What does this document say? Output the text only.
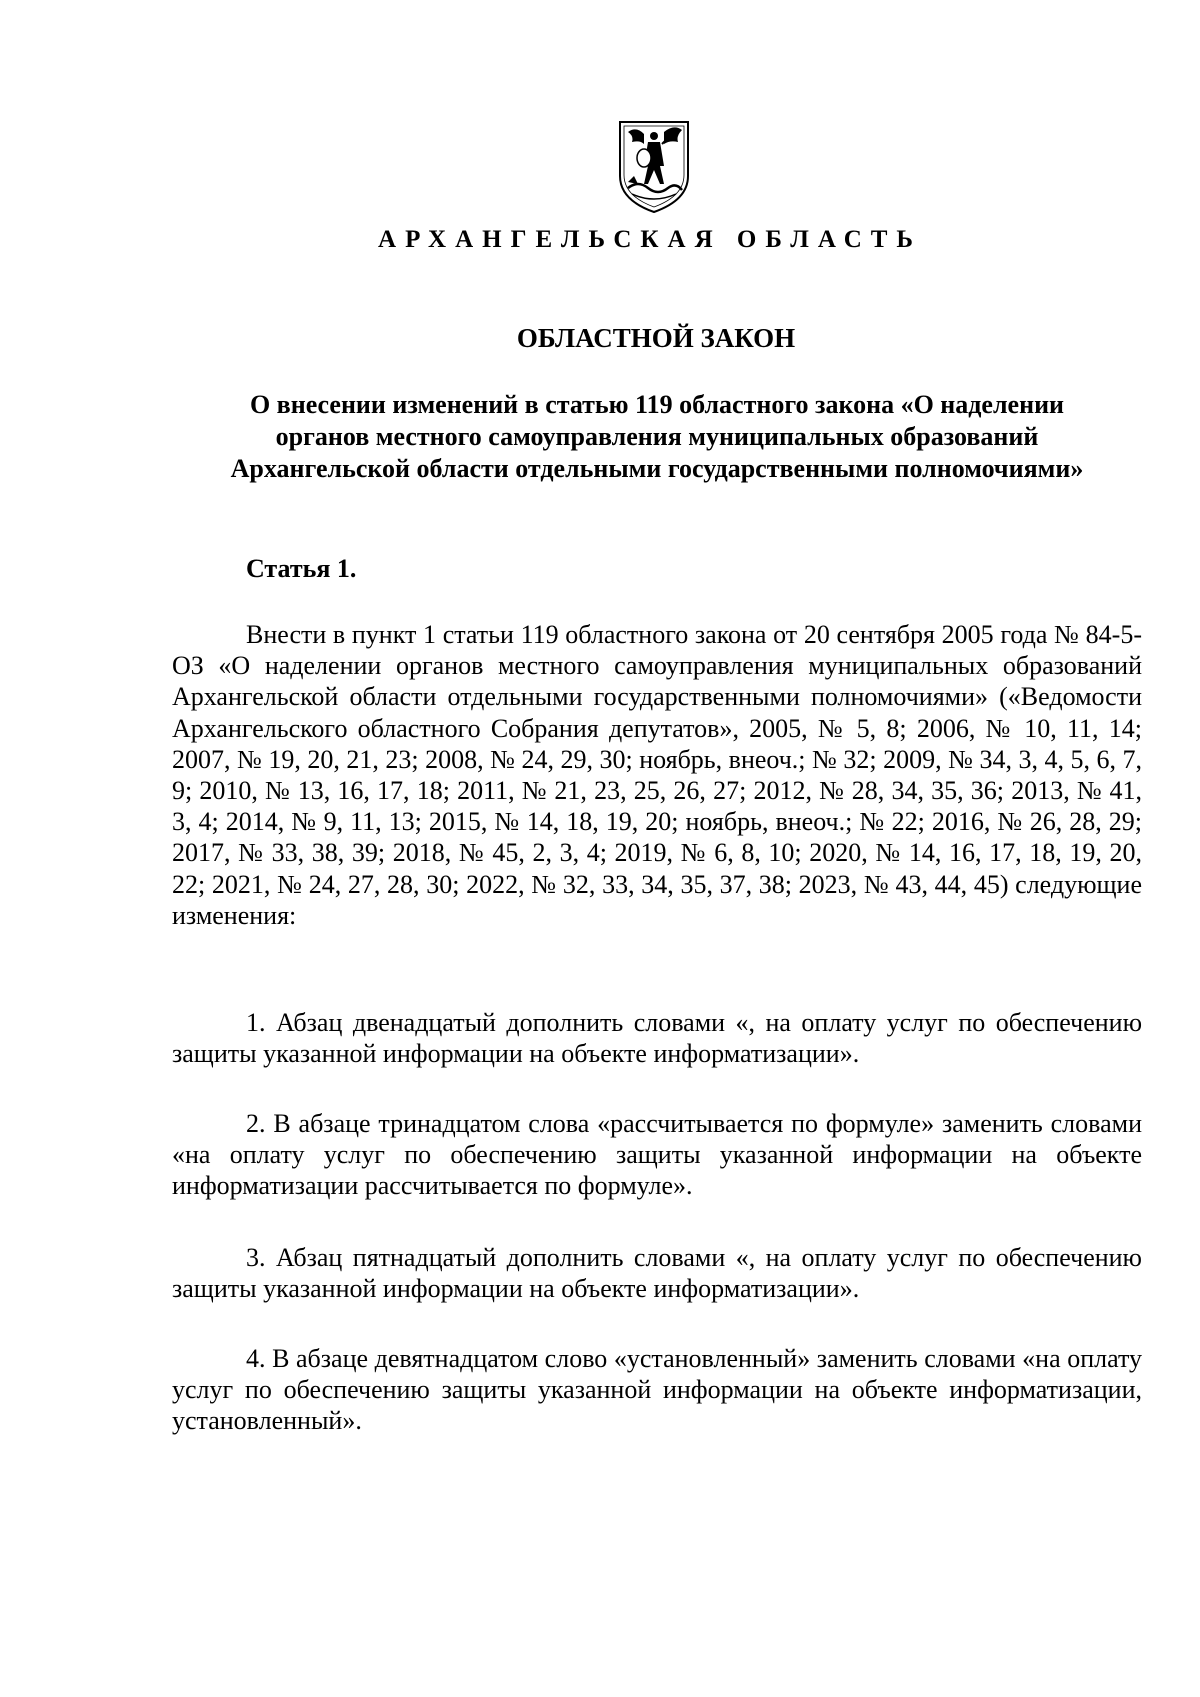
АРХАНГЕЛЬСКАЯ ОБЛАСТЬ
ОБЛАСТНОЙ ЗАКОН
О внесении изменений в статью 119 областного закона «О наделении
органов местного самоуправления муниципальных образований
Архангельской области отдельными государственными полномочиями»
Статья 1.
Внести в пункт 1 статьи 119 областного закона от 20 сентября 2005 года № 84-5-ОЗ «О наделении органов местного самоуправления муниципальных образований Архангельской области отдельными государственными полномочиями» («Ведомости Архангельского областного Собрания депутатов», 2005, № 5, 8; 2006, № 10, 11, 14; 2007, № 19, 20, 21, 23; 2008, № 24, 29, 30; ноябрь, внеоч.; № 32; 2009, № 34, 3, 4, 5, 6, 7, 9; 2010, № 13, 16, 17, 18; 2011, № 21, 23, 25, 26, 27; 2012, № 28, 34, 35, 36; 2013, № 41, 3, 4; 2014, № 9, 11, 13; 2015, № 14, 18, 19, 20; ноябрь, внеоч.; № 22; 2016, № 26, 28, 29; 2017, № 33, 38, 39; 2018, № 45, 2, 3, 4; 2019, № 6, 8, 10; 2020, № 14, 16, 17, 18, 19, 20, 22; 2021, № 24, 27, 28, 30; 2022, № 32, 33, 34, 35, 37, 38; 2023, № 43, 44, 45) следующие изменения:
1. Абзац двенадцатый дополнить словами «, на оплату услуг по обеспечению защиты указанной информации на объекте информатизации».
2. В абзаце тринадцатом слова «рассчитывается по формуле» заменить словами «на оплату услуг по обеспечению защиты указанной информации на объекте информатизации рассчитывается по формуле».
3. Абзац пятнадцатый дополнить словами «, на оплату услуг по обеспечению защиты указанной информации на объекте информатизации».
4. В абзаце девятнадцатом слово «установленный» заменить словами «на оплату услуг по обеспечению защиты указанной информации на объекте информатизации, установленный».
